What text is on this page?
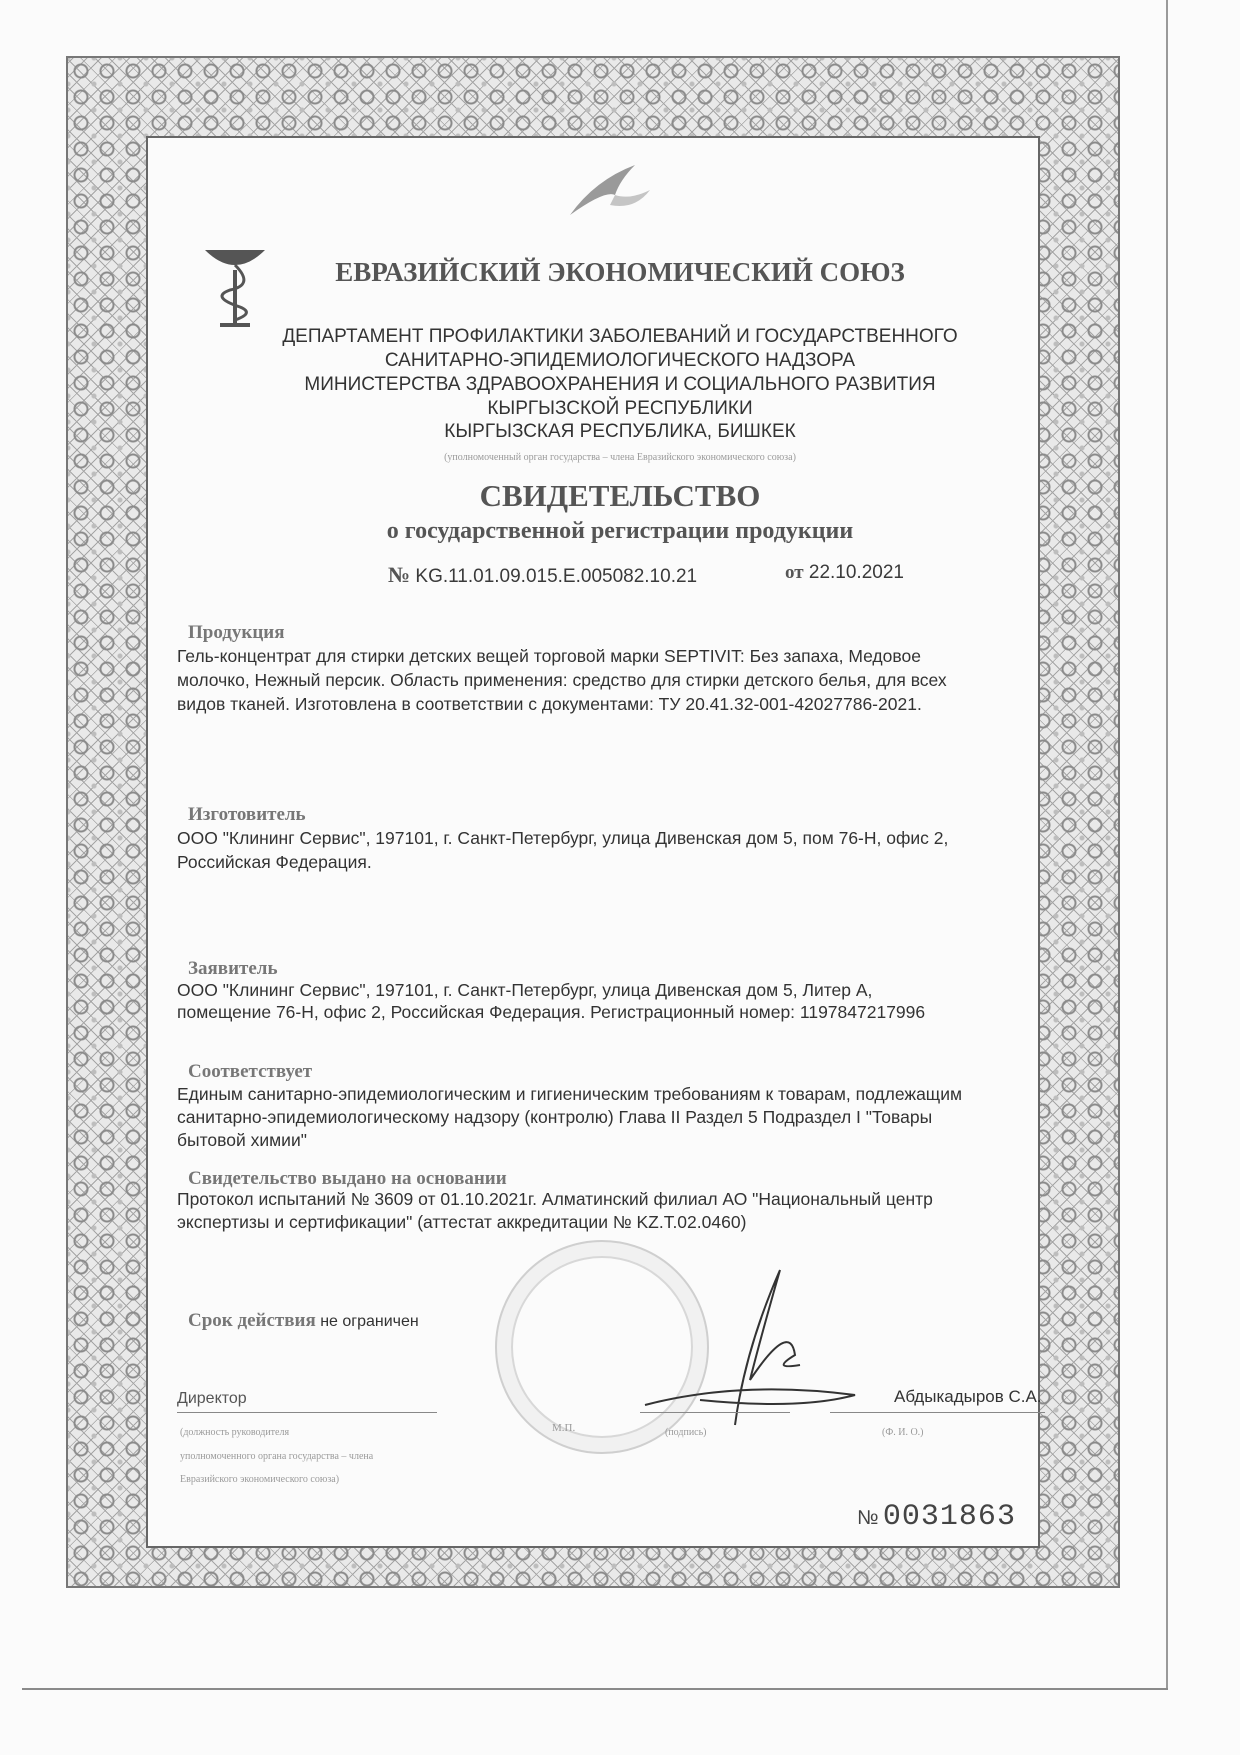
ЕВРАЗИЙСКИЙ ЭКОНОМИЧЕСКИЙ СОЮЗ
ДЕПАРТАМЕНТ ПРОФИЛАКТИКИ ЗАБОЛЕВАНИЙ И ГОСУДАРСТВЕННОГО
САНИТАРНО-ЭПИДЕМИОЛОГИЧЕСКОГО НАДЗОРА
МИНИСТЕРСТВА ЗДРАВООХРАНЕНИЯ И СОЦИАЛЬНОГО РАЗВИТИЯ
КЫРГЫЗСКОЙ РЕСПУБЛИКИ
КЫРГЫЗСКАЯ РЕСПУБЛИКА, БИШКЕК
(уполномоченный орган государства – члена Евразийского экономического союза)
СВИДЕТЕЛЬСТВО
о государственной регистрации продукции
№ KG.11.01.09.015.E.005082.10.21	от 22.10.2021
Продукция
Гель-концентрат для стирки детских вещей торговой марки SEPTIVIT: Без запаха, Медовое
молочко, Нежный персик. Область применения: средство для стирки детского белья, для всех
видов тканей. Изготовлена в соответствии с документами: ТУ 20.41.32-001-42027786-2021.
Изготовитель
ООО "Клининг Сервис", 197101, г. Санкт-Петербург, улица Дивенская дом 5, пом 76-Н, офис 2,
Российская Федерация.
Заявитель
ООО "Клининг Сервис", 197101, г. Санкт-Петербург, улица Дивенская дом 5, Литер А,
помещение 76-Н, офис 2, Российская Федерация. Регистрационный номер: 1197847217996
Соответствует
Единым санитарно-эпидемиологическим и гигиеническим требованиям к товарам, подлежащим
санитарно-эпидемиологическому надзору (контролю) Глава II Раздел 5 Подраздел I "Товары
бытовой химии"
Свидетельство выдано на основании
Протокол испытаний № 3609 от 01.10.2021г. Алматинский филиал АО "Национальный центр
экспертизы и сертификации" (аттестат аккредитации № KZ.T.02.0460)
Срок действия не ограничен
Директор	Абдыкадыров С.А.
(должность руководителя
уполномоченного органа государства – члена
Евразийского экономического союза)
М.П.	(подпись)	(Ф. И. О.)
№ 0031863
